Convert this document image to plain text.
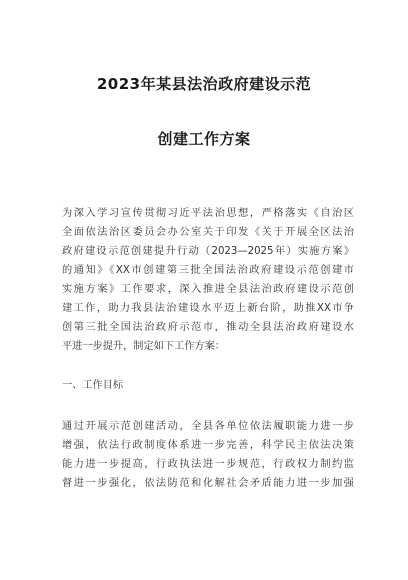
2023年某县法治政府建设示范
创建工作方案
为深入学习宣传贯彻习近平法治思想，严格落实《自治区
全面依法治区委员会办公室关于印发《关于开展全区法治
政府建设示范创建提升行动（2023—2025年）实施方案》
的通知》《XX市创建第三批全国法治政府建设示范创建市
实施方案》工作要求，深入推进全县法治政府建设示范创
建工作，助力我县法治建设水平迈上新台阶，助推XX市争
创第三批全国法治政府示范市，推动全县法治政府建设水
平进一步提升，制定如下工作方案：
一、工作目标
通过开展示范创建活动，全县各单位依法履职能力进一步
增强，依法行政制度体系进一步完善，科学民主依法决策
能力进一步提高，行政执法进一步规范，行政权力制约监
督进一步强化，依法防范和化解社会矛盾能力进一步加强
